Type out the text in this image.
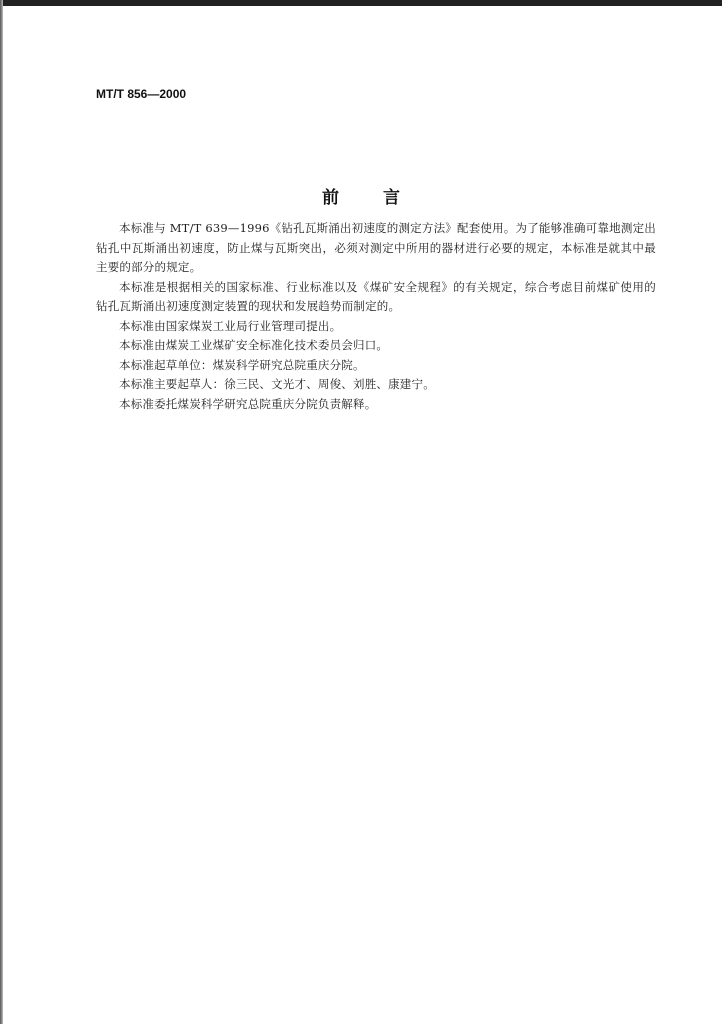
MT/T 856—2000
前言

本标准与 MT/T 639—1996《钻孔瓦斯涌出初速度的测定方法》配套使用。为了能够准确可靠地测定出钻孔中瓦斯涌出初速度，防止煤与瓦斯突出，必须对测定中所用的器材进行必要的规定，本标准是就其中最主要的部分的规定。

本标准是根据相关的国家标准、行业标准以及《煤矿安全规程》的有关规定，综合考虑目前煤矿使用的钻孔瓦斯涌出初速度测定装置的现状和发展趋势而制定的。

本标准由国家煤炭工业局行业管理司提出。

本标准由煤炭工业煤矿安全标准化技术委员会归口。

本标准起草单位：煤炭科学研究总院重庆分院。

本标准主要起草人：徐三民、文光才、周俊、刘胜、康建宁。

本标准委托煤炭科学研究总院重庆分院负责解释。
